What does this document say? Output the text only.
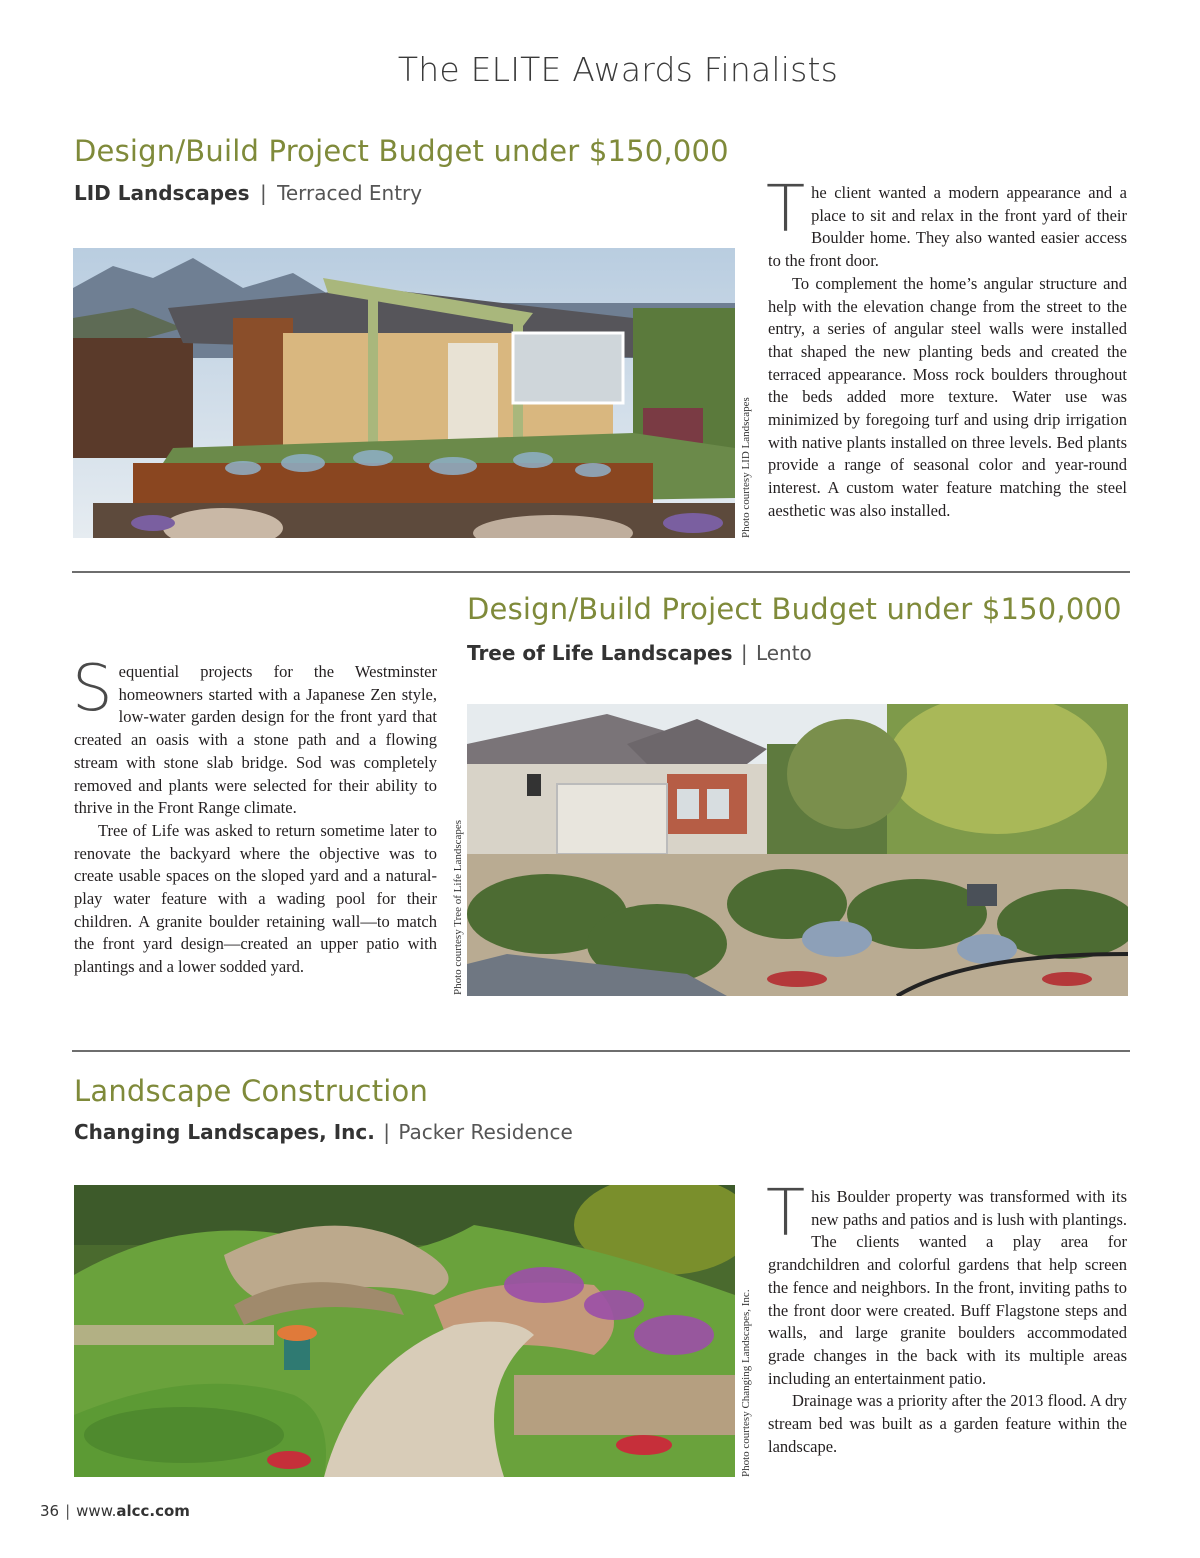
The ELITE Awards Finalists
Design/Build Project Budget under $150,000
LID Landscapes | Terraced Entry
Photo courtesy LID Landscapes

The client wanted a modern appearance and a place to sit and relax in the front yard of their Boulder home. They also wanted easier access to the front door.

To complement the home’s angular structure and help with the elevation change from the street to the entry, a series of angular steel walls were installed that shaped the new planting beds and created the terraced appearance. Moss rock boulders throughout the beds added more texture. Water use was minimized by foregoing turf and using drip irrigation with native plants installed on three levels. Bed plants provide a range of seasonal color and year-round interest. A custom water feature matching the steel aesthetic was also installed.

Design/Build Project Budget under $150,000
Tree of Life Landscapes | Lento

Sequential projects for the Westminster homeowners started with a Japanese Zen style, low-water garden design for the front yard that created an oasis with a stone path and a flowing stream with stone slab bridge. Sod was completely removed and plants were selected for their ability to thrive in the Front Range climate.

Tree of Life was asked to return sometime later to renovate the backyard where the objective was to create usable spaces on the sloped yard and a natural-play water feature with a wading pool for their children. A granite boulder retaining wall—to match the front yard design—created an upper patio with plantings and a lower sodded yard.	Photo courtesy Tree of Life Landscapes
Landscape Construction
Changing Landscapes, Inc. | Packer Residence
Photo courtesy Changing Landscapes, Inc.

This Boulder property was transformed with its new paths and patios and is lush with plantings. The clients wanted a play area for grandchildren and colorful gardens that help screen the fence and neighbors. In the front, inviting paths to the front door were created. Buff Flagstone steps and walls, and large granite boulders accommodated grade changes in the back with its multiple areas including an entertainment patio.

Drainage was a priority after the 2013 flood. A dry stream bed was built as a garden feature within the landscape.

36 | www.alcc.com
